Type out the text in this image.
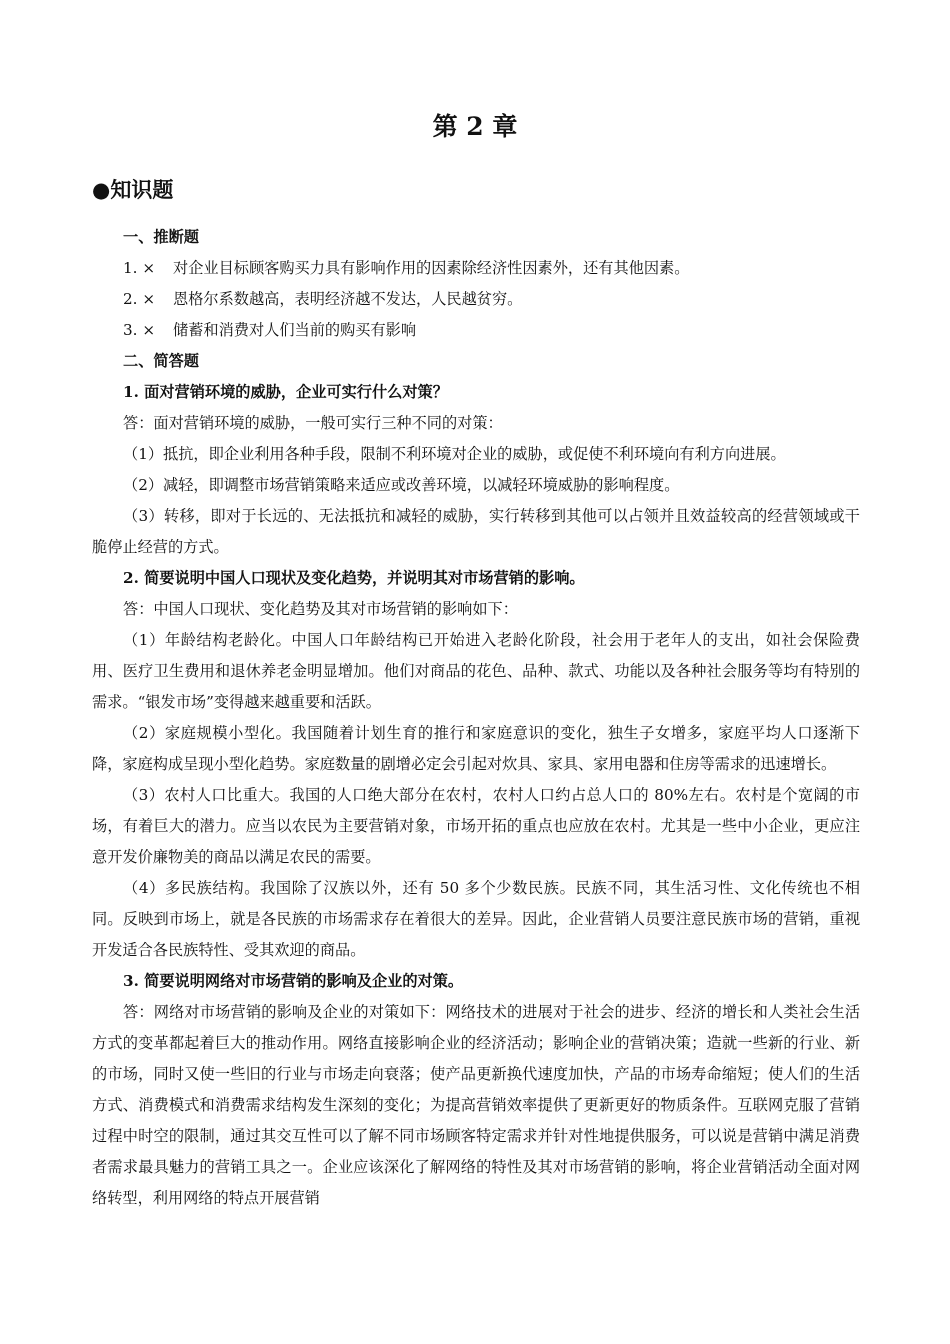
第 2 章
●知识题

一、推断题

1. × 对企业目标顾客购买力具有影响作用的因素除经济性因素外，还有其他因素。

2. × 恩格尔系数越高，表明经济越不发达，人民越贫穷。

3. × 储蓄和消费对人们当前的购买有影响

二、简答题

1. 面对营销环境的威胁，企业可实行什么对策？

答：面对营销环境的威胁，一般可实行三种不同的对策：

（1）抵抗，即企业利用各种手段，限制不利环境对企业的威胁，或促使不利环境向有利方向进展。

（2）减轻，即调整市场营销策略来适应或改善环境，以减轻环境威胁的影响程度。

（3）转移，即对于长远的、无法抵抗和减轻的威胁，实行转移到其他可以占领并且效益较高的经营领域或干脆停止经营的方式。

2. 简要说明中国人口现状及变化趋势，并说明其对市场营销的影响。

答：中国人口现状、变化趋势及其对市场营销的影响如下：

（1）年龄结构老龄化。中国人口年龄结构已开始进入老龄化阶段，社会用于老年人的支出，如社会保险费用、医疗卫生费用和退休养老金明显增加。他们对商品的花色、品种、款式、功能以及各种社会服务等均有特别的需求。“银发市场”变得越来越重要和活跃。

（2）家庭规模小型化。我国随着计划生育的推行和家庭意识的变化，独生子女增多，家庭平均人口逐渐下降，家庭构成呈现小型化趋势。家庭数量的剧增必定会引起对炊具、家具、家用电器和住房等需求的迅速增长。

（3）农村人口比重大。我国的人口绝大部分在农村，农村人口约占总人口的 80%左右。农村是个宽阔的市场，有着巨大的潜力。应当以农民为主要营销对象，市场开拓的重点也应放在农村。尤其是一些中小企业，更应注意开发价廉物美的商品以满足农民的需要。

（4）多民族结构。我国除了汉族以外，还有 50 多个少数民族。民族不同，其生活习性、文化传统也不相同。反映到市场上，就是各民族的市场需求存在着很大的差异。因此，企业营销人员要注意民族市场的营销，重视开发适合各民族特性、受其欢迎的商品。

3. 简要说明网络对市场营销的影响及企业的对策。

答：网络对市场营销的影响及企业的对策如下：网络技术的进展对于社会的进步、经济的增长和人类社会生活方式的变革都起着巨大的推动作用。网络直接影响企业的经济活动；影响企业的营销决策；造就一些新的行业、新的市场，同时又使一些旧的行业与市场走向衰落；使产品更新换代速度加快，产品的市场寿命缩短；使人们的生活方式、消费模式和消费需求结构发生深刻的变化；为提高营销效率提供了更新更好的物质条件。互联网克服了营销过程中时空的限制，通过其交互性可以了解不同市场顾客特定需求并针对性地提供服务，可以说是营销中满足消费者需求最具魅力的营销工具之一。企业应该深化了解网络的特性及其对市场营销的影响，将企业营销活动全面对网络转型，利用网络的特点开展营销
